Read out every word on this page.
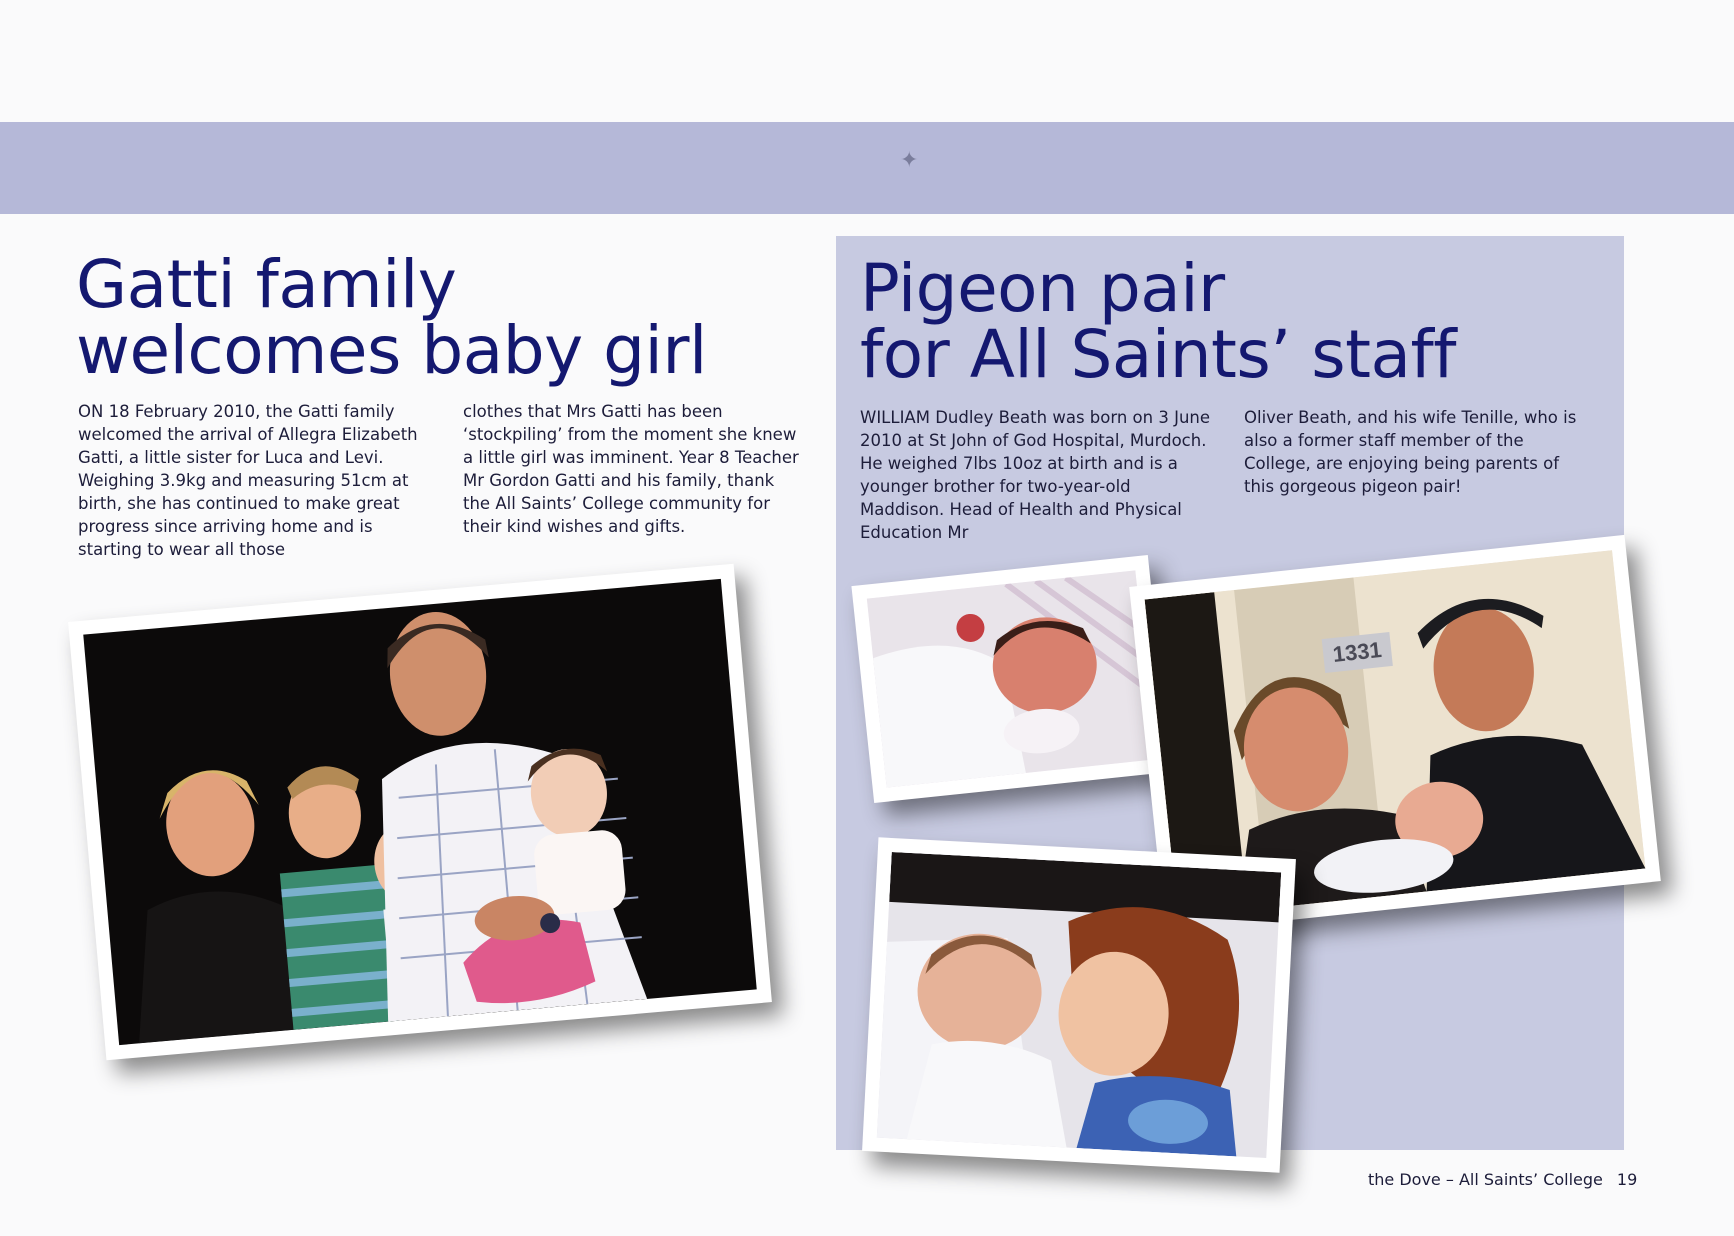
✦
Gatti family
welcomes baby girl

ON 18 February 2010, the Gatti family welcomed the arrival of Allegra Elizabeth Gatti, a little sister for Luca and Levi. Weighing 3.9kg and measuring 51cm at birth, she has continued to make great progress since arriving home and is starting to wear all those

clothes that Mrs Gatti has been ‘stockpiling’ from the moment she knew a little girl was imminent. Year 8 Teacher Mr Gordon Gatti and his family, thank the All Saints’ College community for their kind wishes and gifts.

Pigeon pair
for All Saints’ staff

WILLIAM Dudley Beath was born on 3 June 2010 at St John of God Hospital, Murdoch. He weighed 7lbs 10oz at birth and is a younger brother for two-year-old Maddison. Head of Health and Physical Education Mr

Oliver Beath, and his wife Tenille, who is also a former staff member of the College, are enjoying being parents of this gorgeous pigeon pair!

1331
the Dove – All Saints’ College 19
